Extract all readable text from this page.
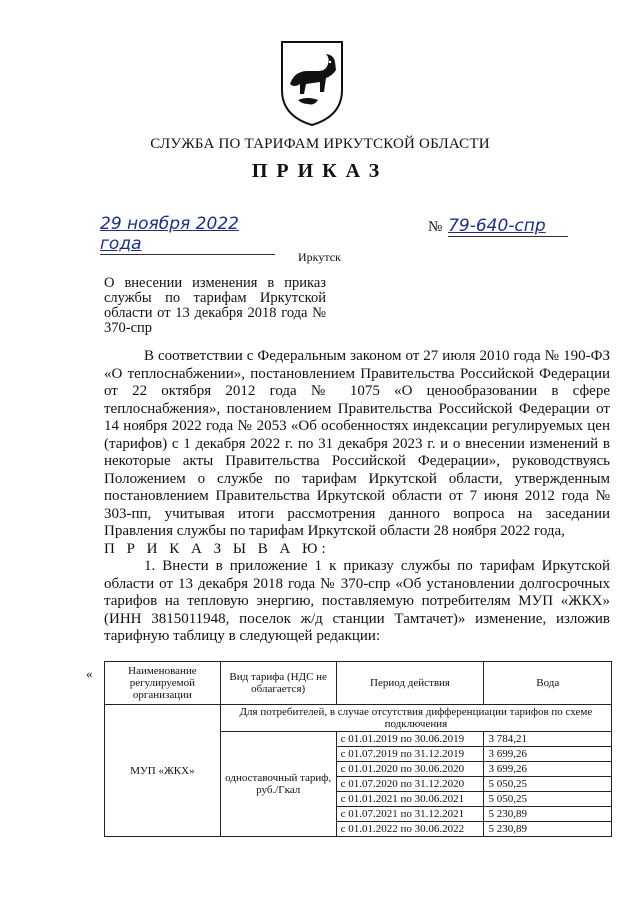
СЛУЖБА ПО ТАРИФАМ ИРКУТСКОЙ ОБЛАСТИ
ПРИКАЗ
29 ноября 2022 года
№ 79-640-спр
Иркутск
О внесении изменения в приказ службы по тарифам Иркутской области от 13 декабря 2018 года № 370-спр

В соответствии с Федеральным законом от 27 июля 2010 года № 190-ФЗ «О теплоснабжении», постановлением Правительства Российской Федерации от 22 октября 2012 года № 1075 «О ценообразовании в сфере теплоснабжения», постановлением Правительства Российской Федерации от 14 ноября 2022 года № 2053 «Об особенностях индексации регулируемых цен (тарифов) с 1 декабря 2022 г. по 31 декабря 2023 г. и о внесении изменений в некоторые акты Правительства Российской Федерации», руководствуясь Положением о службе по тарифам Иркутской области, утвержденным постановлением Правительства Иркутской области от 7 июня 2012 года № 303-пп, учитывая итоги рассмотрения данного вопроса на заседании Правления службы по тарифам Иркутской области 28 ноября 2022 года,

П Р И К А З Ы В А Ю:

1. Внести в приложение 1 к приказу службы по тарифам Иркутской области от 13 декабря 2018 года № 370-спр «Об установлении долгосрочных тарифов на тепловую энергию, поставляемую потребителям МУП «ЖКХ» (ИНН 3815011948, поселок ж/д станции Тамтачет)» изменение, изложив тарифную таблицу в следующей редакции:

«	Наименование регулируемой организации	Вид тарифа (НДС не облагается)	Период действия	Вода
МУП «ЖКХ»	Для потребителей, в случае отсутствия дифференциации тарифов по схеме подключения		
	одноставочный тариф, руб./Гкал	с 01.01.2019 по 30.06.2019	3 784,21
		с 01.07.2019 по 31.12.2019	3 699,26
		с 01.01.2020 по 30.06.2020	3 699,26
		с 01.07.2020 по 31.12.2020	5 050,25
		с 01.01.2021 по 30.06.2021	5 050,25
		с 01.07.2021 по 31.12.2021	5 230,89
		с 01.01.2022 по 30.06.2022	5 230,89
